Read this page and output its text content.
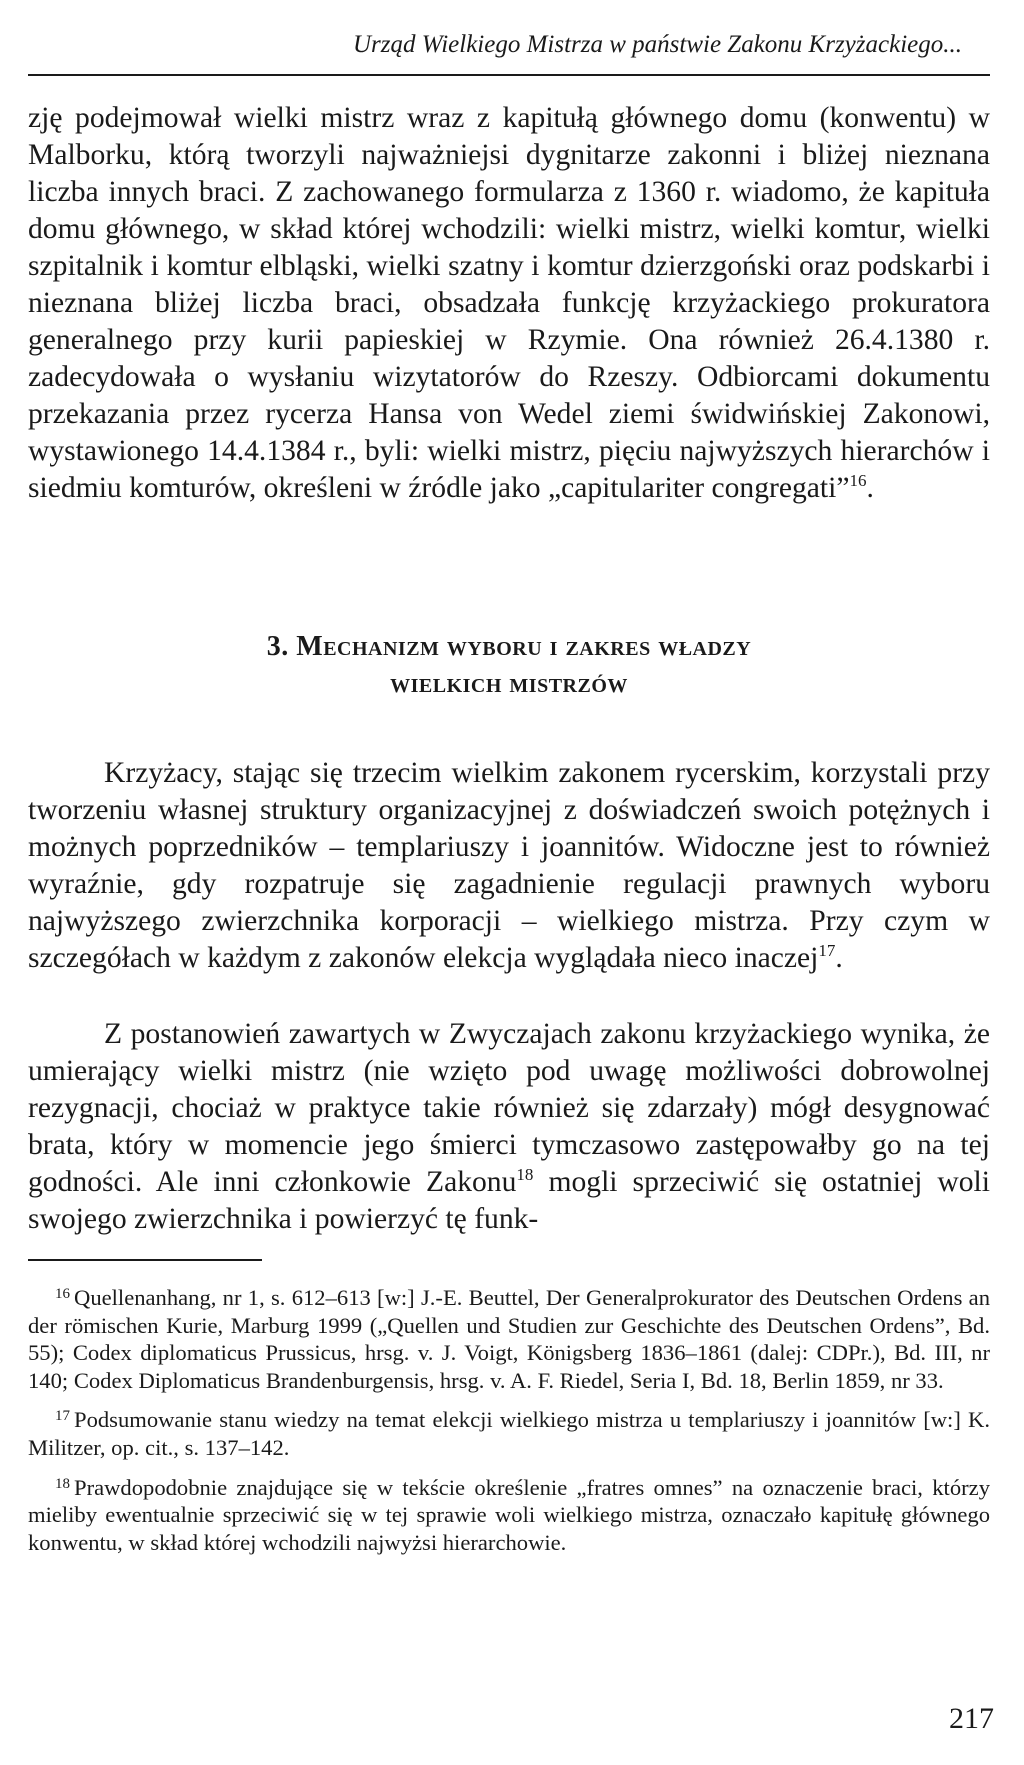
Urząd Wielkiego Mistrza w państwie Zakonu Krzyżackiego...

zję podejmował wielki mistrz wraz z kapitułą głównego domu (konwentu) w Malborku, którą tworzyli najważniejsi dygnitarze zakonni i bliżej nieznana liczba innych braci. Z zachowanego formularza z 1360 r. wiadomo, że kapituła domu głównego, w skład której wchodzili: wielki mistrz, wielki komtur, wielki szpitalnik i komtur elbląski, wielki szatny i komtur dzierzgoński oraz podskarbi i nieznana bliżej liczba braci, obsadzała funkcję krzyżackiego prokuratora generalnego przy kurii papieskiej w Rzymie. Ona również 26.4.1380 r. zadecydowała o wysłaniu wizytatorów do Rzeszy. Odbiorcami dokumentu przekazania przez rycerza Hansa von Wedel ziemi świdwińskiej Zakonowi, wystawionego 14.4.1384 r., byli: wielki mistrz, pięciu najwyższych hierarchów i siedmiu komturów, określeni w źródle jako „capitulariter congregati”$^{16}$.

3. Mechanizm wyboru i zakres władzy
wielkich mistrzów

Krzyżacy, stając się trzecim wielkim zakonem rycerskim, korzystali przy tworzeniu własnej struktury organizacyjnej z doświadczeń swoich potężnych i możnych poprzedników – templariuszy i joannitów. Widoczne jest to również wyraźnie, gdy rozpatruje się zagadnienie regulacji prawnych wyboru najwyższego zwierzchnika korporacji – wielkiego mistrza. Przy czym w szczegółach w każdym z zakonów elekcja wyglądała nieco inaczej$^{17}$.

Z postanowień zawartych w Zwyczajach zakonu krzyżackiego wynika, że umierający wielki mistrz (nie wzięto pod uwagę możliwości dobrowolnej rezygnacji, chociaż w praktyce takie również się zdarzały) mógł desygnować brata, który w momencie jego śmierci tymczasowo zastępowałby go na tej godności. Ale inni członkowie Zakonu$^{18}$ mogli sprzeciwić się ostatniej woli swojego zwierzchnika i powierzyć tę funk-

$^{16}$ Quellenanhang, nr 1, s. 612–613 [w:] J.-E. Beuttel, Der Generalprokurator des Deutschen Ordens an der römischen Kurie, Marburg 1999 („Quellen und Studien zur Geschichte des Deutschen Ordens”, Bd. 55); Codex diplomaticus Prussicus, hrsg. v. J. Voigt, Königsberg 1836–1861 (dalej: CDPr.), Bd. III, nr 140; Codex Diplomaticus Brandenburgensis, hrsg. v. A. F. Riedel, Seria I, Bd. 18, Berlin 1859, nr 33.

$^{17}$ Podsumowanie stanu wiedzy na temat elekcji wielkiego mistrza u templariuszy i joannitów [w:] K. Militzer, op. cit., s. 137–142.

$^{18}$ Prawdopodobnie znajdujące się w tekście określenie „fratres omnes” na oznaczenie braci, którzy mieliby ewentualnie sprzeciwić się w tej sprawie woli wielkiego mistrza, oznaczało kapitułę głównego konwentu, w skład której wchodzili najwyżsi hierarchowie.

217
